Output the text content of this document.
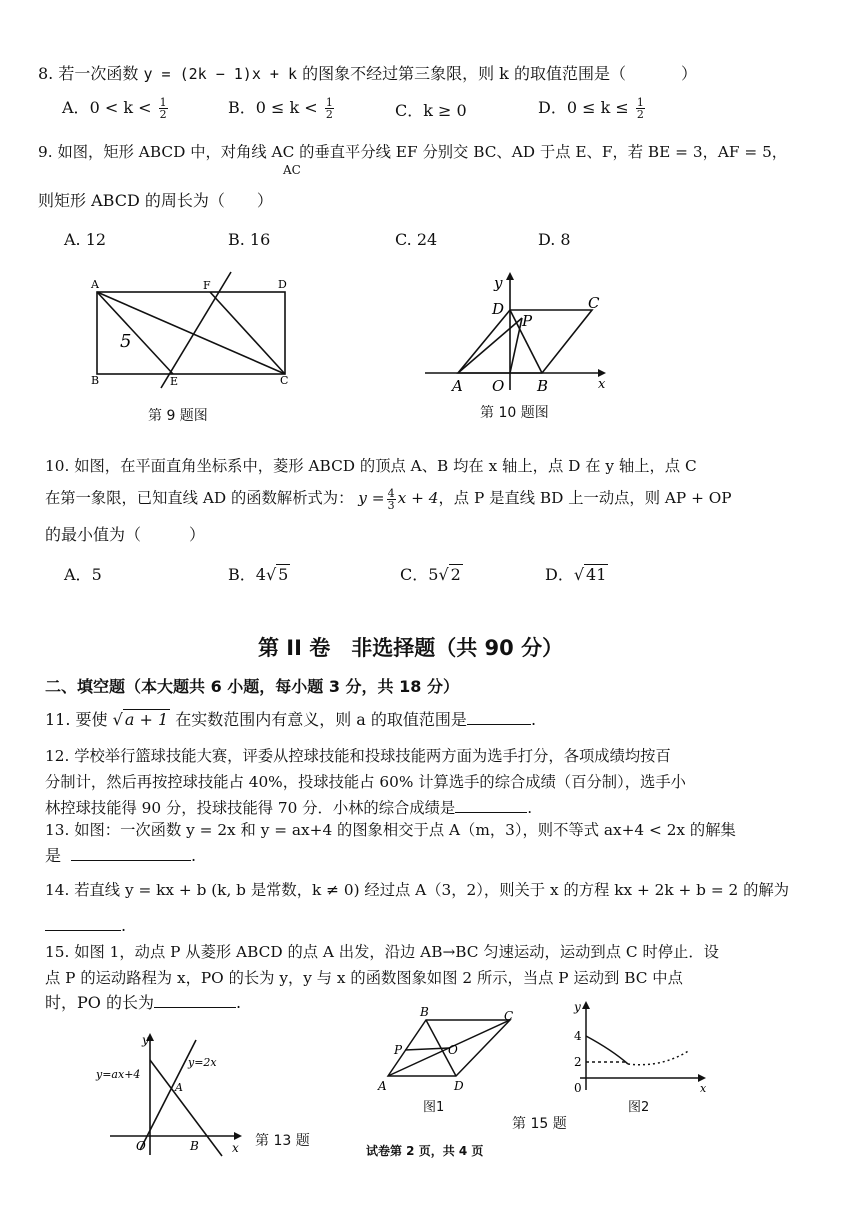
8. 若一次函数 y = (2k − 1)x + k 的图象不经过第三象限，则 k 的取值范围是（	）
A．$0 < k < \frac{1}{2}$	B．$0 \le k < \frac{1}{2}$	C．k ≥ 0	D．$0 \le k \le \frac{1}{2}$
9. 如图，矩形 ABCD 中，对角线 AC 的垂直平分线 EF 分别交 BC、AD 于点 E、F，若 BE = 3，AF = 5，
AC
则矩形 ABCD 的周长为（　　）
A. 12	B. 16	C. 24	D. 8
A	F	D
B	E	C
5
第 9 题图
y
x
D	C
P
A O B
第 10 题图
10. 如图，在平面直角坐标系中，菱形 ABCD 的顶点 A、B 均在 x 轴上，点 D 在 y 轴上，点 C
在第一象限，已知直线 AD 的函数解析式为： $y = \frac{4}{3}$ x + 4，点 P 是直线 BD 上一动点，则 AP + OP
的最小值为（　　　）
A．5	B．4√ 5	C．5√ 2	D．√ 41
第 II 卷　非选择题（共 90 分）
二、填空题（本大题共 6 小题，每小题 3 分，共 18 分）
11. 要使 √ a + 1 在实数范围内有意义，则 a 的取值范围是	.
12. 学校举行篮球技能大赛，评委从控球技能和投球技能两方面为选手打分，各项成绩均按百
分制计，然后再按控球技能占 40%，投球技能占 60% 计算选手的综合成绩（百分制），选手小
林控球技能得 90 分，投球技能得 70 分．小林的综合成绩是	.
13. 如图：一次函数 y = 2x 和 y = ax+4 的图象相交于点 A（m，3），则不等式 ax+4 < 2x 的解集
是	.
14. 若直线 y = kx + b (k, b 是常数，k ≠ 0) 经过点 A（3，2），则关于 x 的方程 kx + 2k + b = 2 的解为
.
15. 如图 1，动点 P 从菱形 ABCD 的点 A 出发，沿边 AB→BC 匀速运动，运动到点 C 时停止．设
点 P 的运动路程为 x，PO 的长为 y，y 与 x 的函数图象如图 2 所示，当点 P 运动到 BC 中点
时，PO 的长为	.
y
x
O
A
B
y=ax+4
y=2x
第 13 题
A
B	C
D
P	O
图1
y
x
0
4
2
图2
第 15 题
试卷第 2 页，共 4 页
